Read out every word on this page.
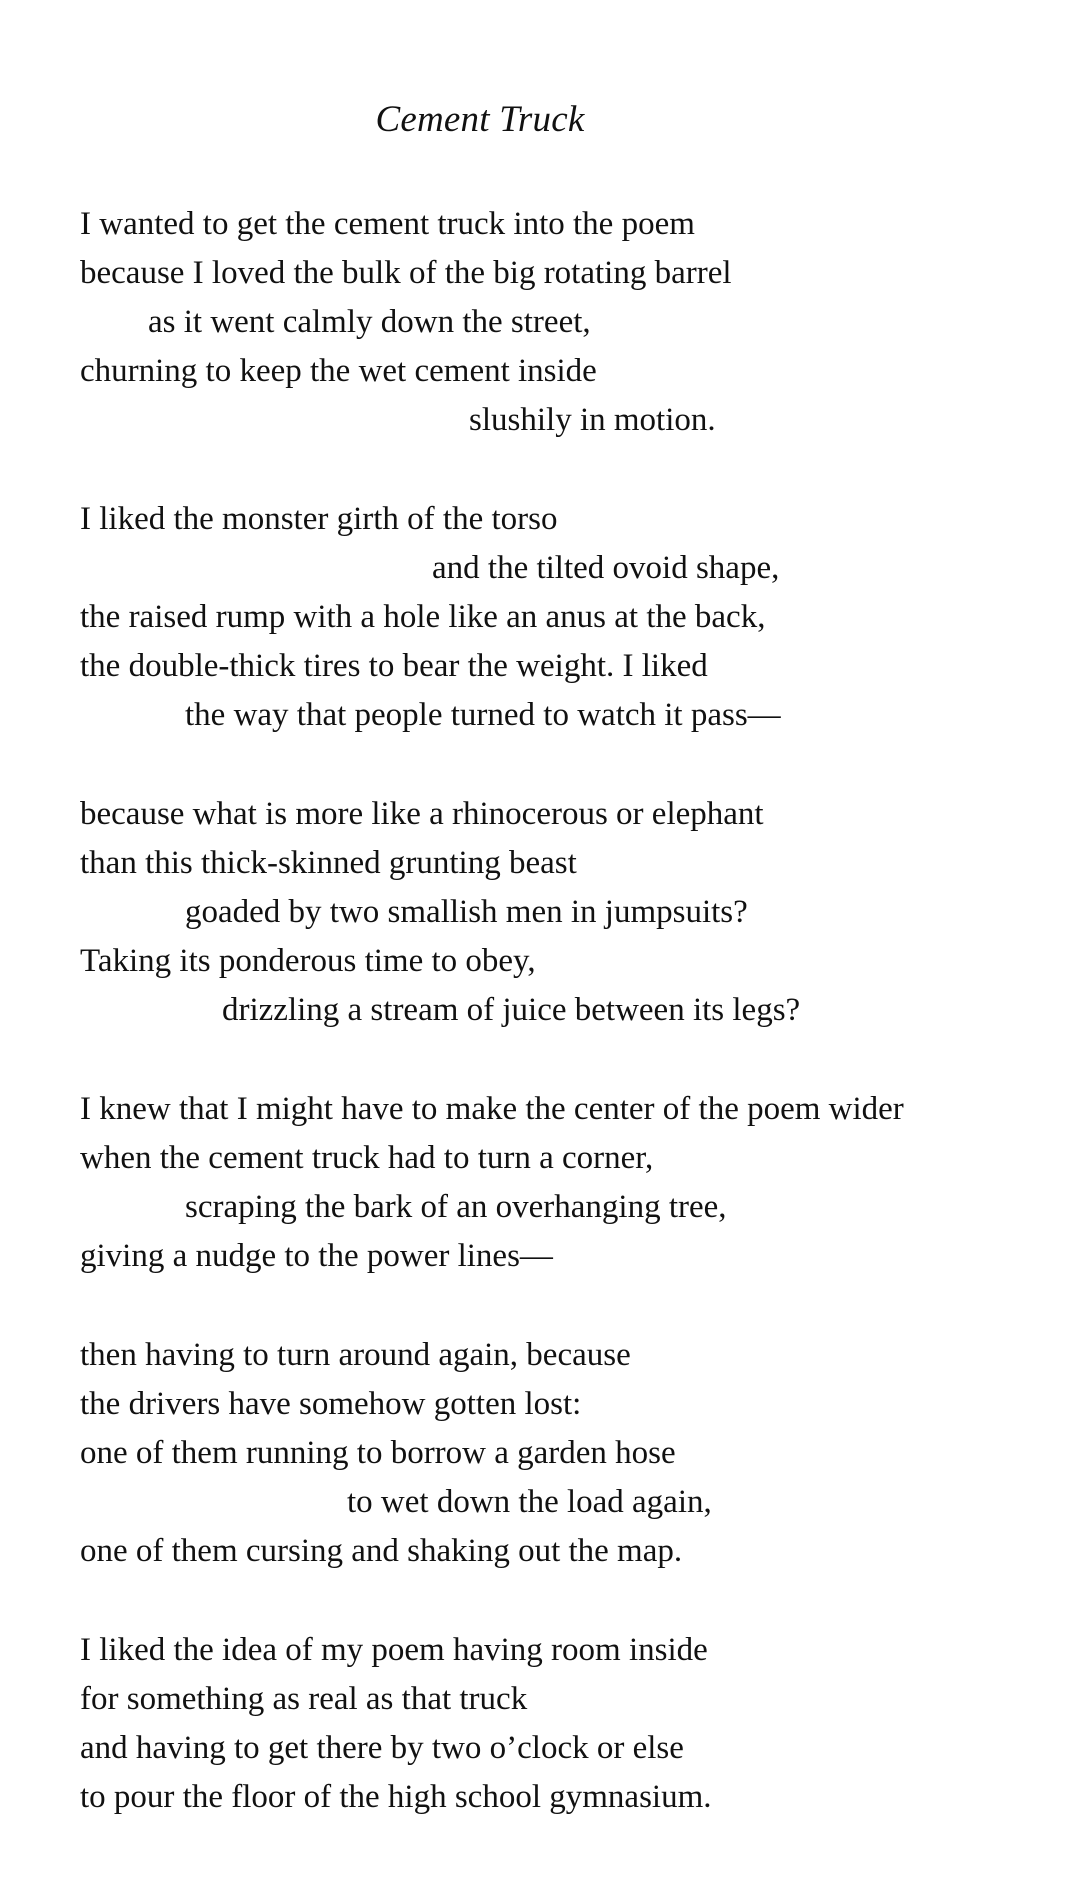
Cement Truck
I wanted to get the cement truck into the poem
because I loved the bulk of the big rotating barrel
as it went calmly down the street,
churning to keep the wet cement inside
slushily in motion.
I liked the monster girth of the torso
and the tilted ovoid shape,
the raised rump with a hole like an anus at the back,
the double-thick tires to bear the weight. I liked
the way that people turned to watch it pass—
because what is more like a rhinocerous or elephant
than this thick-skinned grunting beast
goaded by two smallish men in jumpsuits?
Taking its ponderous time to obey,
drizzling a stream of juice between its legs?
I knew that I might have to make the center of the poem wider
when the cement truck had to turn a corner,
scraping the bark of an overhanging tree,
giving a nudge to the power lines—
then having to turn around again, because
the drivers have somehow gotten lost:
one of them running to borrow a garden hose
to wet down the load again,
one of them cursing and shaking out the map.
I liked the idea of my poem having room inside
for something as real as that truck
and having to get there by two o’clock or else
to pour the floor of the high school gymnasium.
